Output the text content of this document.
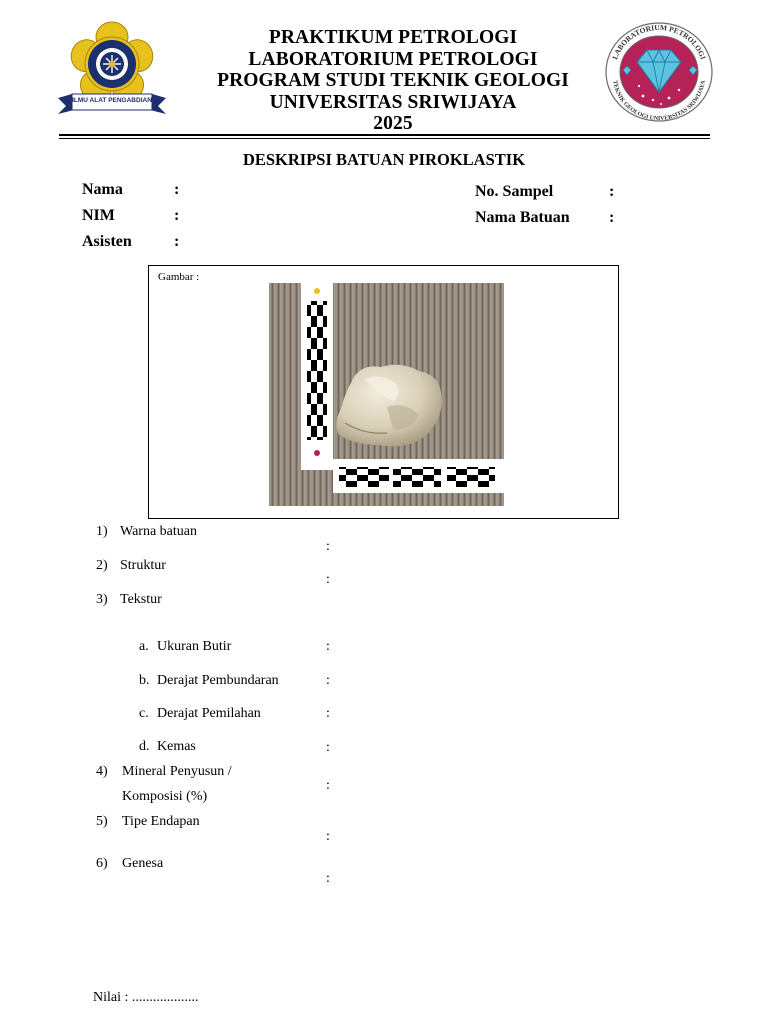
ILMU ALAT PENGABDIAN
LABORATORIUM PETROLOGI
TEKNIK GEOLOGI UNIVERSITAS SRIWIJAYA
PRAKTIKUM PETROLOGI
LABORATORIUM PETROLOGI
PROGRAM STUDI TEKNIK GEOLOGI
UNIVERSITAS SRIWIJAYA
2025
DESKRIPSI BATUAN PIROKLASTIK
Nama	:
NIM	:
Asisten	:
No. Sampel	:
Nama Batuan :
Gambar :
1) Warna batuan
:
2) Struktur
:
3) Tekstur
a. Ukuran Butir	:
b. Derajat Pembundaran	:
c. Derajat Pemilahan	:
d. Kemas	:
4) Mineral Penyusun /
Komposisi (%)
:
5) Tipe Endapan
:
6) Genesa
:
Nilai : ...................
